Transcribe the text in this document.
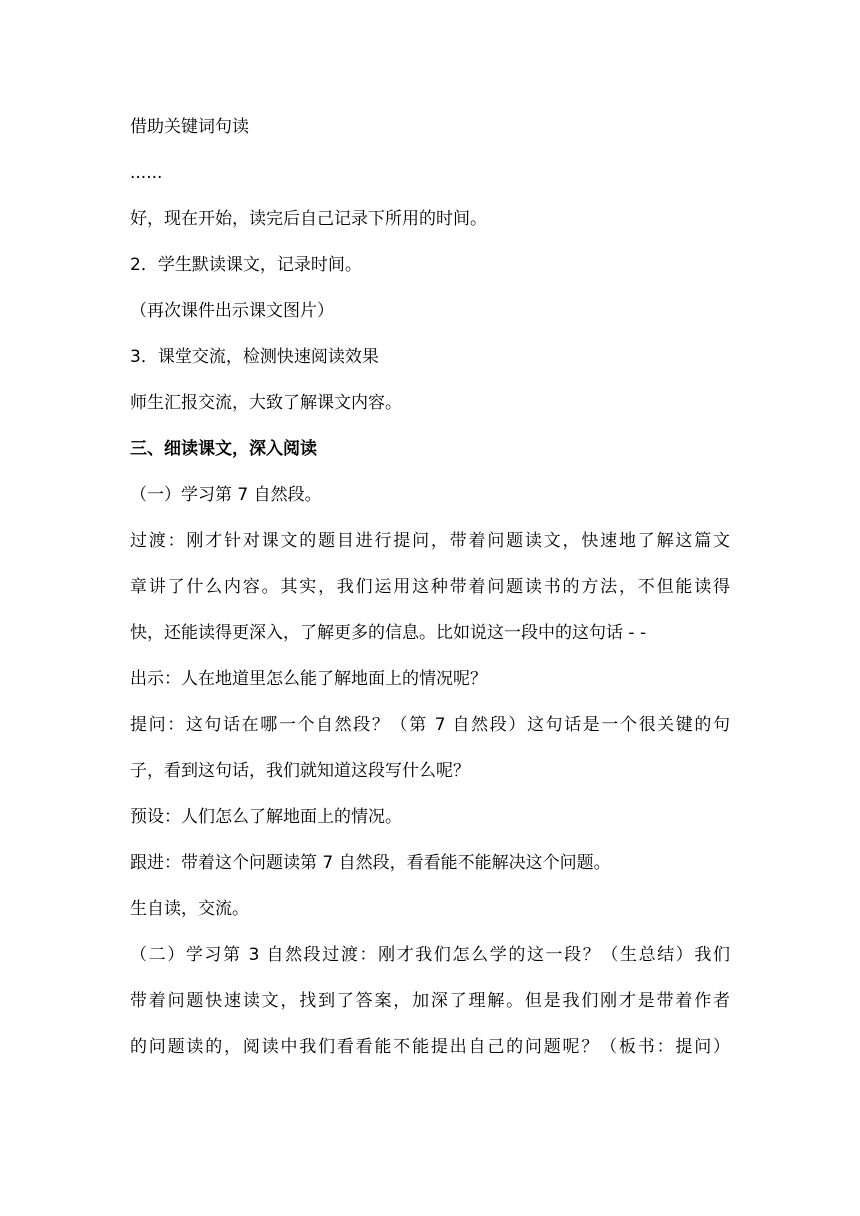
借助关键词句读
......
好，现在开始，读完后自己记录下所用的时间。
2．学生默读课文，记录时间。
（再次课件出示课文图片）
3．课堂交流，检测快速阅读效果
师生汇报交流，大致了解课文内容。
三、细读课文，深入阅读
（一）学习第 7 自然段。
过渡：刚才针对课文的题目进行提问，带着问题读文，快速地了解这篇文
章讲了什么内容。其实，我们运用这种带着问题读书的方法，不但能读得
快，还能读得更深入，了解更多的信息。比如说这一段中的这句话 - -
出示：人在地道里怎么能了解地面上的情况呢？
提问：这句话在哪一个自然段？（第 7 自然段）这句话是一个很关键的句
子，看到这句话，我们就知道这段写什么呢？
预设：人们怎么了解地面上的情况。
跟进：带着这个问题读第 7 自然段，看看能不能解决这个问题。
生自读，交流。
（二）学习第 3 自然段过渡：刚才我们怎么学的这一段？（生总结）我们
带着问题快速读文，找到了答案，加深了理解。但是我们刚才是带着作者
的问题读的，阅读中我们看看能不能提出自己的问题呢？（板书：提问）
